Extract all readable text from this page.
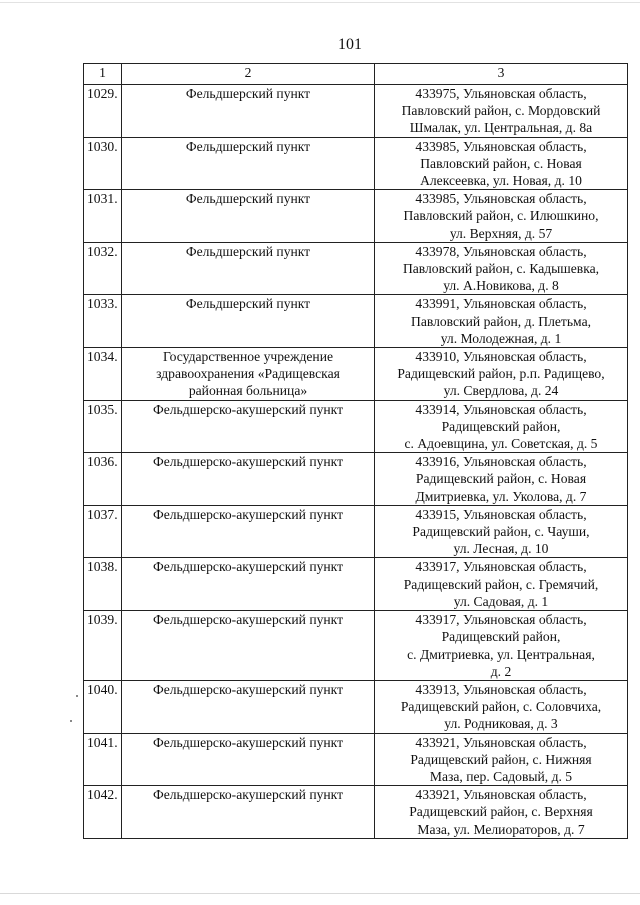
101
1	2	3
1029.	Фельдшерский пункт	433975, Ульяновская область,
Павловский район, с. Мордовский
Шмалак, ул. Центральная, д. 8а

1030.	Фельдшерский пункт	433985, Ульяновская область,
Павловский район, с. Новая
Алексеевка, ул. Новая, д. 10

1031.	Фельдшерский пункт	433985, Ульяновская область,
Павловский район, с. Илюшкино,
ул. Верхняя, д. 57

1032.	Фельдшерский пункт	433978, Ульяновская область,
Павловский район, с. Кадышевка,
ул. А.Новикова, д. 8

1033.	Фельдшерский пункт	433991, Ульяновская область,
Павловский район, д. Плетьма,
ул. Молодежная, д. 1

1034.	Государственное учреждение
здравоохранения «Радищевская
районная больница»	433910, Ульяновская область,
Радищевский район, р.п. Радищево,
ул. Свердлова, д. 24

1035.	Фельдшерско-акушерский пункт	433914, Ульяновская область,
Радищевский район,
с. Адоевщина, ул. Советская, д. 5

1036.	Фельдшерско-акушерский пункт	433916, Ульяновская область,
Радищевский район, с. Новая
Дмитриевка, ул. Уколова, д. 7

1037.	Фельдшерско-акушерский пункт	433915, Ульяновская область,
Радищевский район, с. Чауши,
ул. Лесная, д. 10

1038.	Фельдшерско-акушерский пункт	433917, Ульяновская область,
Радищевский район, с. Гремячий,
ул. Садовая, д. 1

1039.	Фельдшерско-акушерский пункт	433917, Ульяновская область,
Радищевский район,
с. Дмитриевка, ул. Центральная,
д. 2

1040.	Фельдшерско-акушерский пункт	433913, Ульяновская область,
Радищевский район, с. Соловчиха,
ул. Родниковая, д. 3

1041.	Фельдшерско-акушерский пункт	433921, Ульяновская область,
Радищевский район, с. Нижняя
Маза, пер. Садовый, д. 5

1042.	Фельдшерско-акушерский пункт	433921, Ульяновская область,
Радищевский район, с. Верхняя
Маза, ул. Мелиораторов, д. 7
